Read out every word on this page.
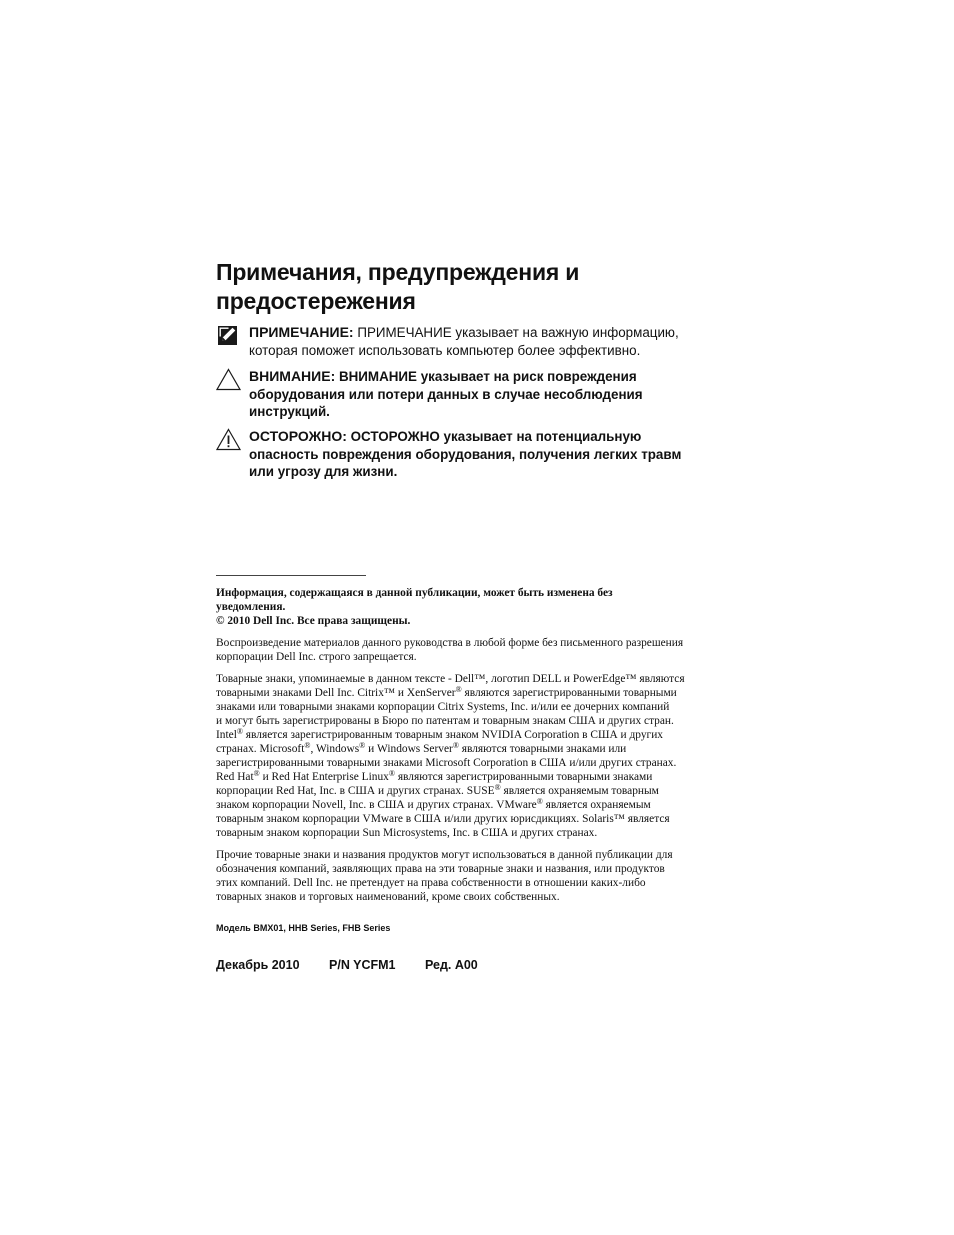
Примечания, предупреждения и
предостережения
ПРИМЕЧАНИЕ: ПРИМЕЧАНИЕ указывает на важную информацию,
которая поможет использовать компьютер более эффективно.
ВНИМАНИЕ: ВНИМАНИЕ указывает на риск повреждения
оборудования или потери данных в случае несоблюдения
инструкций.
ОСТОРОЖНО: ОСТОРОЖНО указывает на потенциальную
опасность повреждения оборудования, получения легких травм
или угрозу для жизни.
Информация, содержащаяся в данной публикации, может быть изменена без
уведомления.
© 2010 Dell Inc. Все права защищены.
Воспроизведение материалов данного руководства в любой форме без письменного разрешения
корпорации Dell Inc. строго запрещается.
Товарные знаки, упоминаемые в данном тексте - Dell™, логотип DELL и PowerEdge™ являются
товарными знаками Dell Inc. Citrix™ и XenServer® являются зарегистрированными товарными
знаками или товарными знаками корпорации Citrix Systems, Inc. и/или ее дочерних компаний
и могут быть зарегистрированы в Бюро по патентам и товарным знакам США и других стран.
Intel® является зарегистрированным товарным знаком NVIDIA Corporation в США и других
странах. Microsoft®, Windows® и Windows Server® являются товарными знаками или
зарегистрированными товарными знаками Microsoft Corporation в США и/или других странах.
Red Hat® и Red Hat Enterprise Linux® являются зарегистрированными товарными знаками
корпорации Red Hat, Inc. в США и других странах. SUSE® является охраняемым товарным
знаком корпорации Novell, Inc. в США и других странах. VMware® является охраняемым
товарным знаком корпорации VMware в США и/или других юрисдикциях. Solaris™ является
товарным знаком корпорации Sun Microsystems, Inc. в США и других странах.
Прочие товарные знаки и названия продуктов могут использоваться в данной публикации для
обозначения компаний, заявляющих права на эти товарные знаки и названия, или продуктов
этих компаний. Dell Inc. не претендует на права собственности в отношении каких-либо
товарных знаков и торговых наименований, кроме своих собственных.
Модель BMX01, HHB Series, FHB Series
Декабрь 2010 P/N YCFM1 Ред. A00
